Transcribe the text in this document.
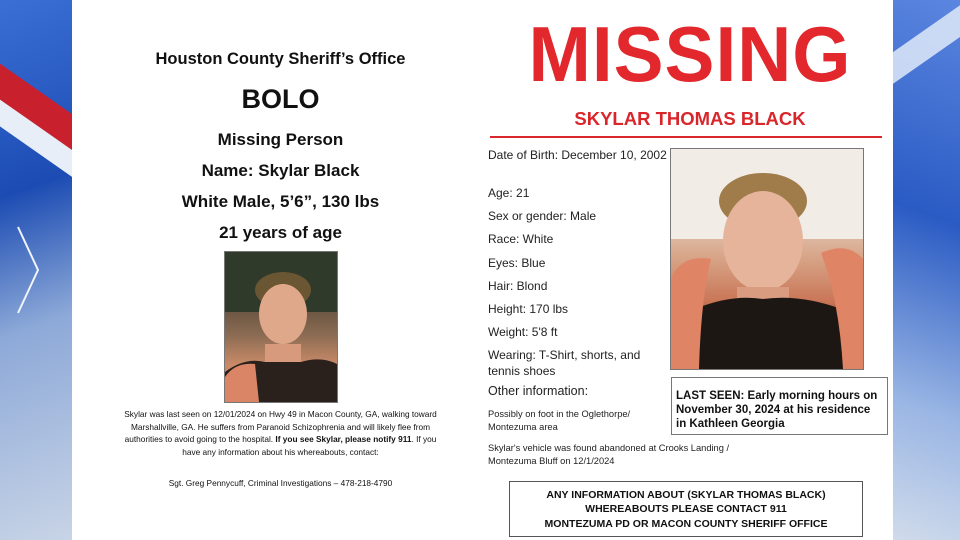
Houston County Sheriff’s Office
BOLO
Missing Person
Name: Skylar Black
White Male, 5’6”, 130 lbs
21 years of age
Skylar was last seen on 12/01/2024 on Hwy 49 in Macon County, GA, walking toward Marshallville, GA. He suffers from Paranoid Schizophrenia and will likely flee from authorities to avoid going to the hospital. If you see Skylar, please notify 911. If you have any information about his whereabouts, contact:
Sgt. Greg Pennycuff, Criminal Investigations – 478-218-4790
MISSING
SKYLAR THOMAS BLACK
Date of Birth: December 10, 2002
Age: 21
Sex or gender: Male
Race: White
Eyes: Blue
Hair: Blond
Height: 170 lbs
Weight: 5'8 ft
Wearing: T-Shirt, shorts, and tennis shoes
LAST SEEN: Early morning hours on November 30, 2024 at his residence in Kathleen Georgia
Other information:
Possibly on foot in the Oglethorpe/ Montezuma area
Skylar's vehicle was found abandoned at Crooks Landing / Montezuma Bluff on 12/1/2024
ANY INFORMATION ABOUT (SKYLAR THOMAS BLACK)
WHEREABOUTS PLEASE CONTACT 911
MONTEZUMA PD OR MACON COUNTY SHERIFF OFFICE
